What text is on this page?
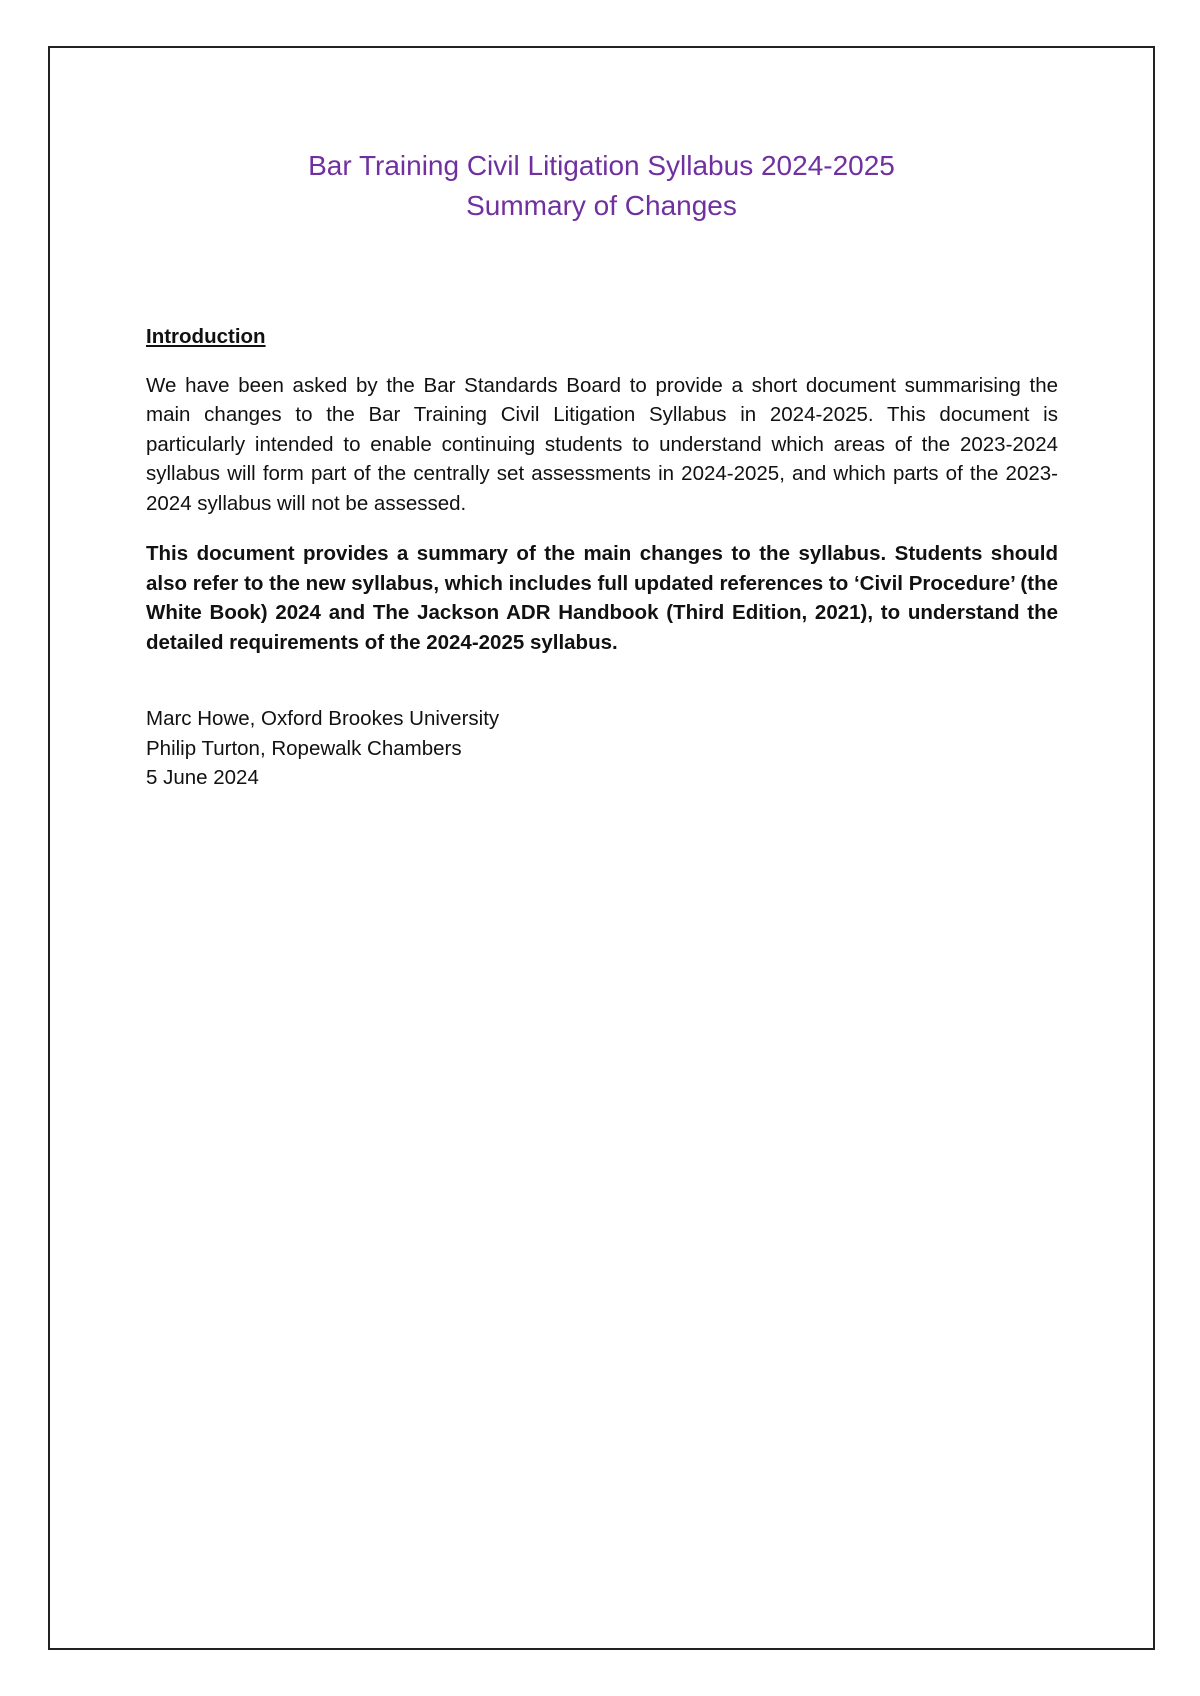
Bar Training Civil Litigation Syllabus 2024-2025
Summary of Changes

Introduction

We have been asked by the Bar Standards Board to provide a short document summarising the main changes to the Bar Training Civil Litigation Syllabus in 2024-2025. This document is particularly intended to enable continuing students to understand which areas of the 2023-2024 syllabus will form part of the centrally set assessments in 2024-2025, and which parts of the 2023-2024 syllabus will not be assessed.

This document provides a summary of the main changes to the syllabus. Students should also refer to the new syllabus, which includes full updated references to ‘Civil Procedure’ (the White Book) 2024 and The Jackson ADR Handbook (Third Edition, 2021), to understand the detailed requirements of the 2024-2025 syllabus.

Marc Howe, Oxford Brookes University
Philip Turton, Ropewalk Chambers
5 June 2024
